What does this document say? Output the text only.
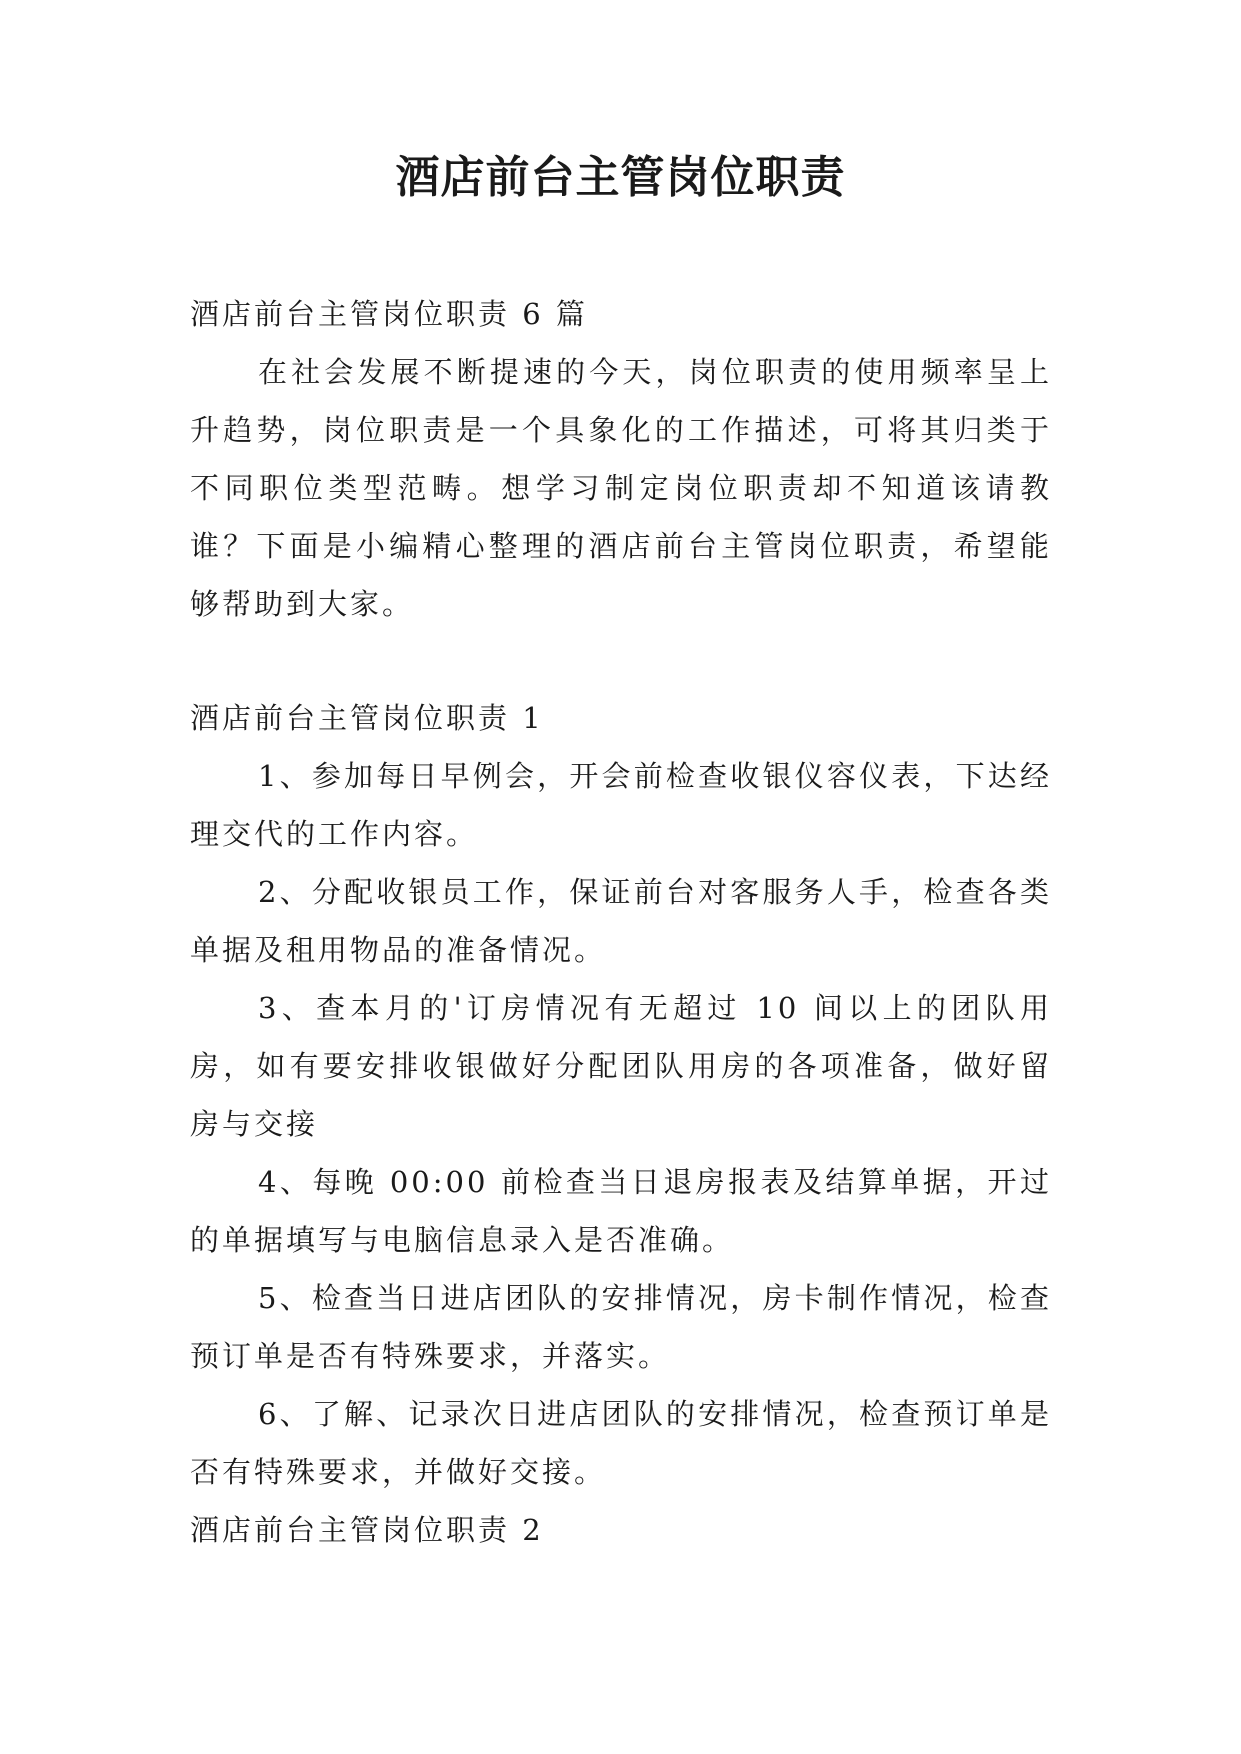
酒店前台主管岗位职责

酒店前台主管岗位职责 6 篇

在社会发展不断提速的今天，岗位职责的使用频率呈上升趋势，岗位职责是一个具象化的工作描述，可将其归类于不同职位类型范畴。想学习制定岗位职责却不知道该请教谁？下面是小编精心整理的酒店前台主管岗位职责，希望能够帮助到大家。

酒店前台主管岗位职责 1

1、参加每日早例会，开会前检查收银仪容仪表，下达经理交代的工作内容。

2、分配收银员工作，保证前台对客服务人手，检查各类单据及租用物品的准备情况。

3、查本月的'订房情况有无超过 10 间以上的团队用房，如有要安排收银做好分配团队用房的各项准备，做好留房与交接

4、每晚 00:00 前检查当日退房报表及结算单据，开过的单据填写与电脑信息录入是否准确。

5、检查当日进店团队的安排情况，房卡制作情况，检查预订单是否有特殊要求，并落实。

6、了解、记录次日进店团队的安排情况，检查预订单是否有特殊要求，并做好交接。

酒店前台主管岗位职责 2
